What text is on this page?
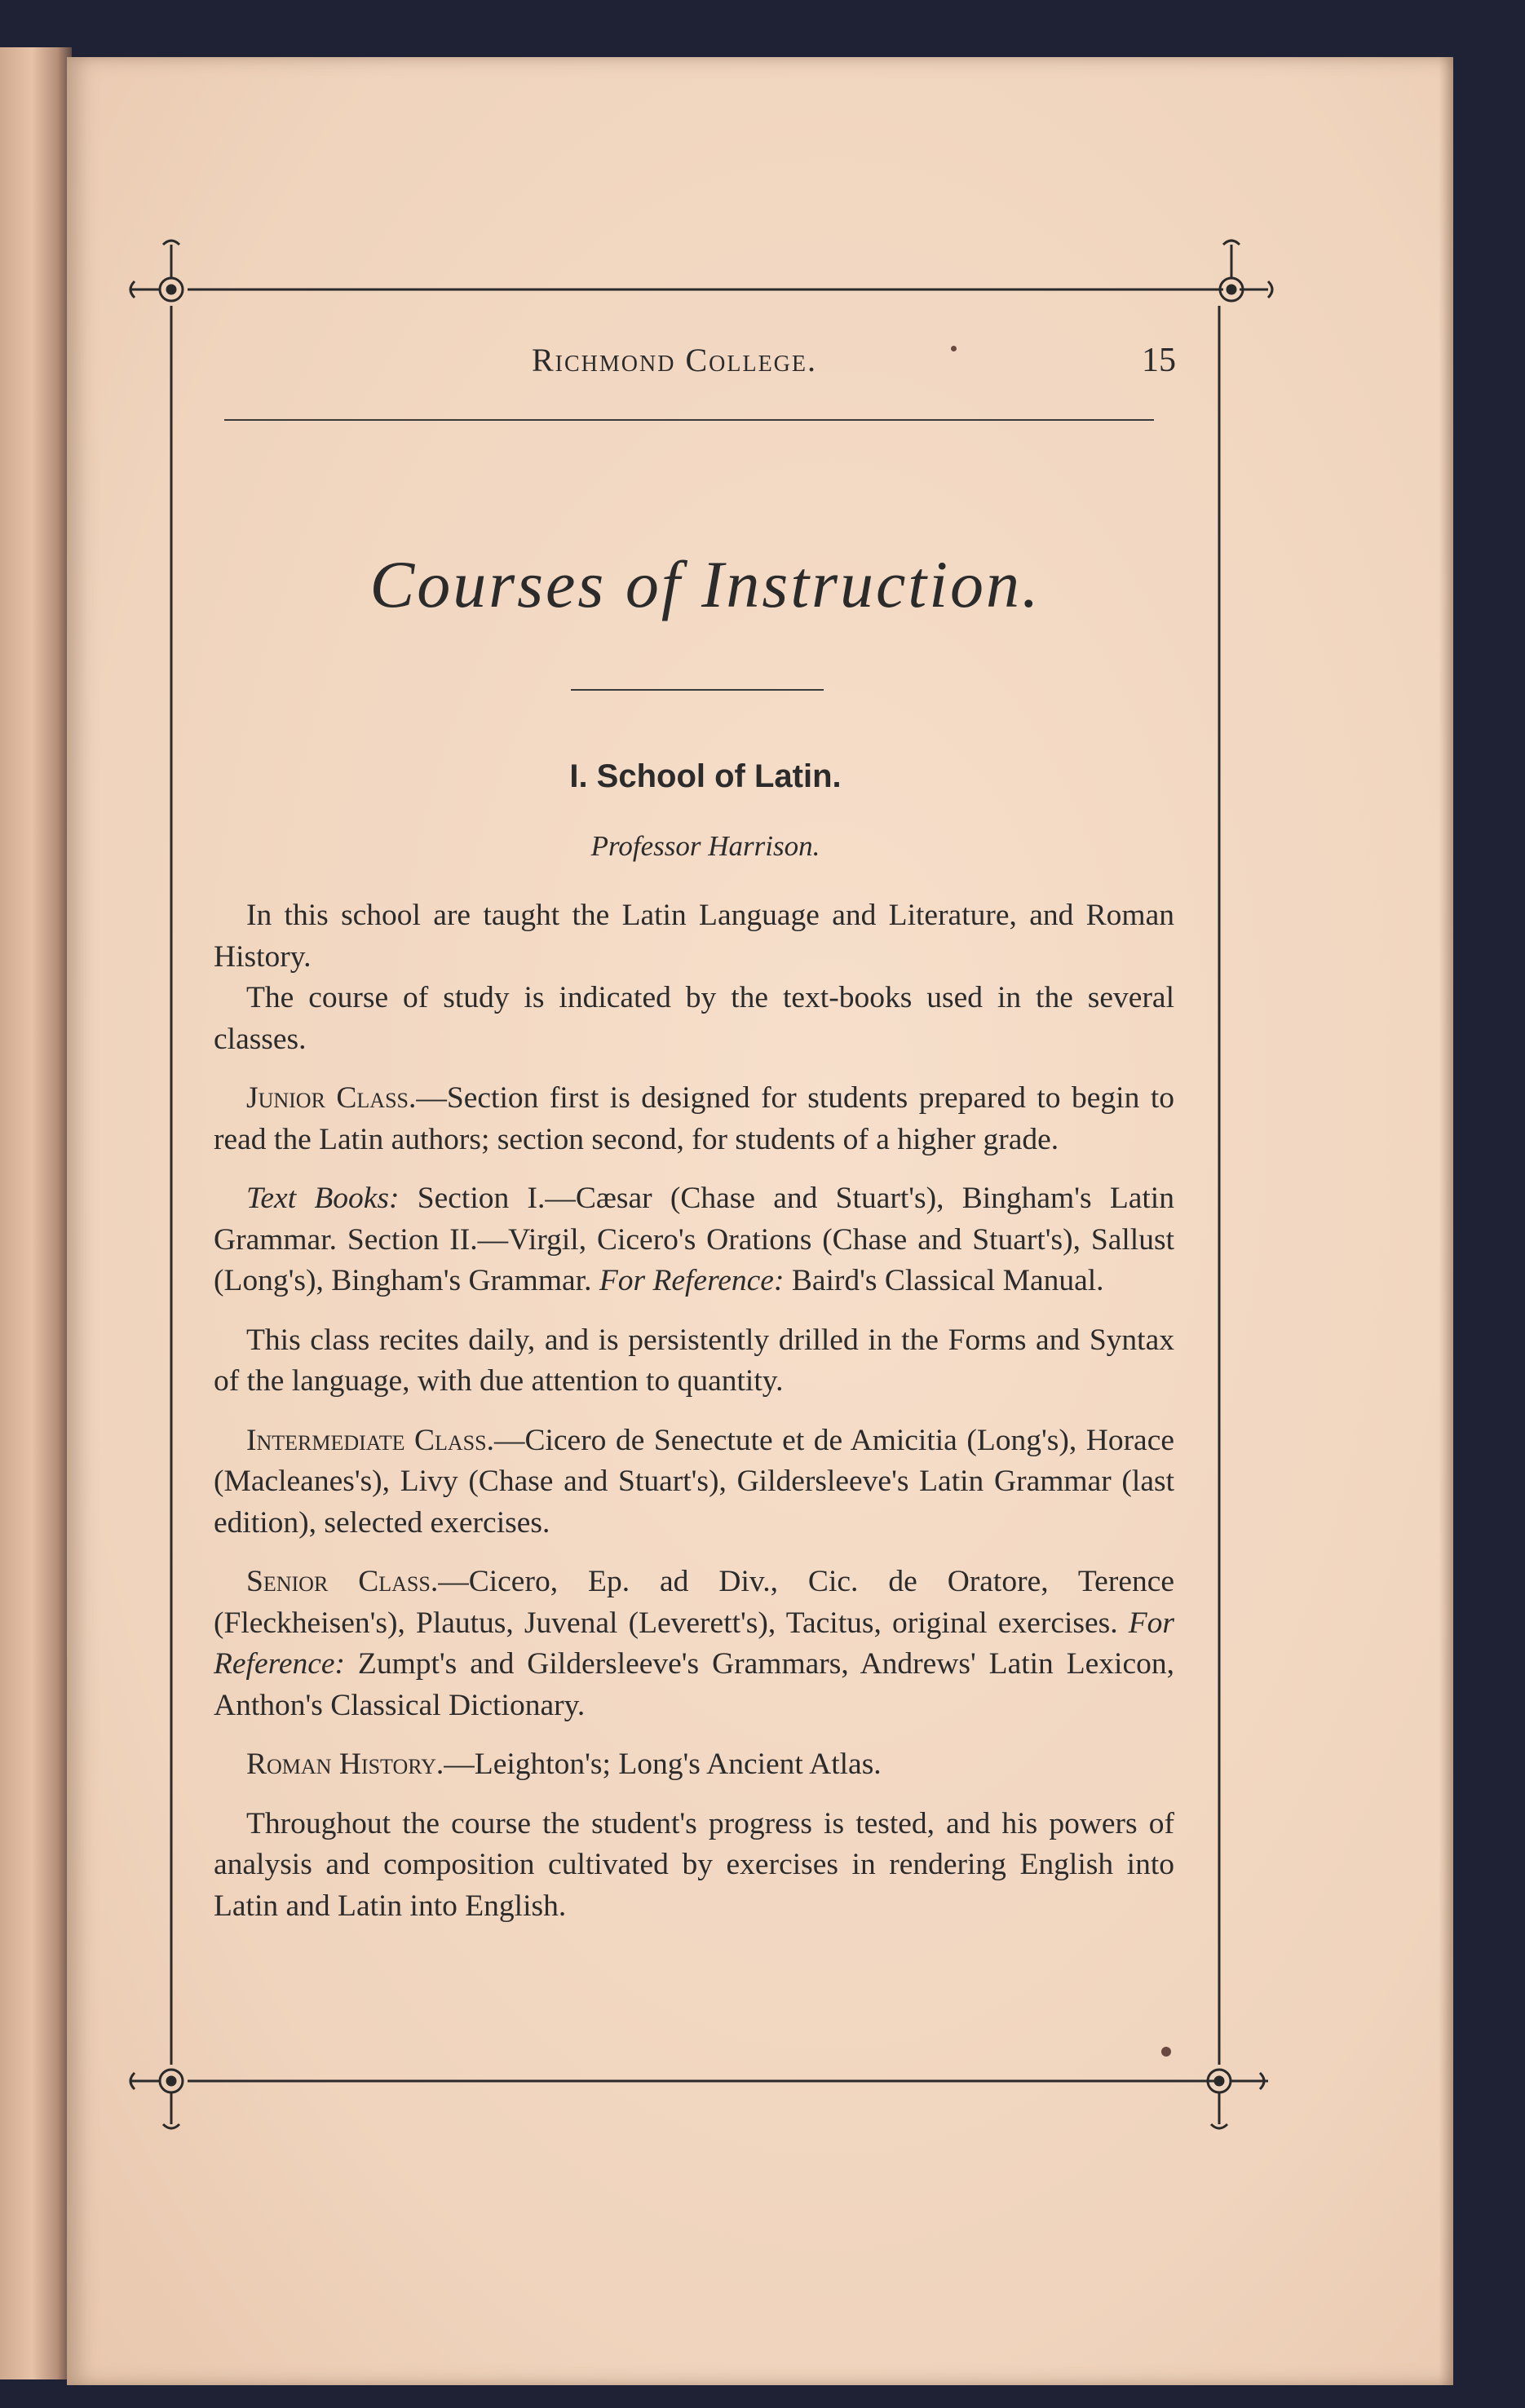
Richmond College.	15
Courses of Instruction.
I. School of Latin.
Professor Harrison.

In this school are taught the Latin Language and Literature, and Roman History.

The course of study is indicated by the text-books used in the several classes.

Junior Class.—Section first is designed for students prepared to begin to read the Latin authors; section second, for students of a higher grade.

Text Books: Section I.—Cæsar (Chase and Stuart's), Bingham's Latin Grammar. Section II.—Virgil, Cicero's Orations (Chase and Stuart's), Sallust (Long's), Bingham's Grammar. For Reference: Baird's Classical Manual.

This class recites daily, and is persistently drilled in the Forms and Syntax of the language, with due attention to quantity.

Intermediate Class.—Cicero de Senectute et de Amicitia (Long's), Horace (Macleanes's), Livy (Chase and Stuart's), Gildersleeve's Latin Grammar (last edition), selected exercises.

Senior Class.—Cicero, Ep. ad Div., Cic. de Oratore, Terence (Fleckheisen's), Plautus, Juvenal (Leverett's), Tacitus, original exercises. For Reference: Zumpt's and Gildersleeve's Grammars, Andrews' Latin Lexicon, Anthon's Classical Dictionary.

Roman History.—Leighton's; Long's Ancient Atlas.

Throughout the course the student's progress is tested, and his powers of analysis and composition cultivated by exercises in rendering English into Latin and Latin into English.
